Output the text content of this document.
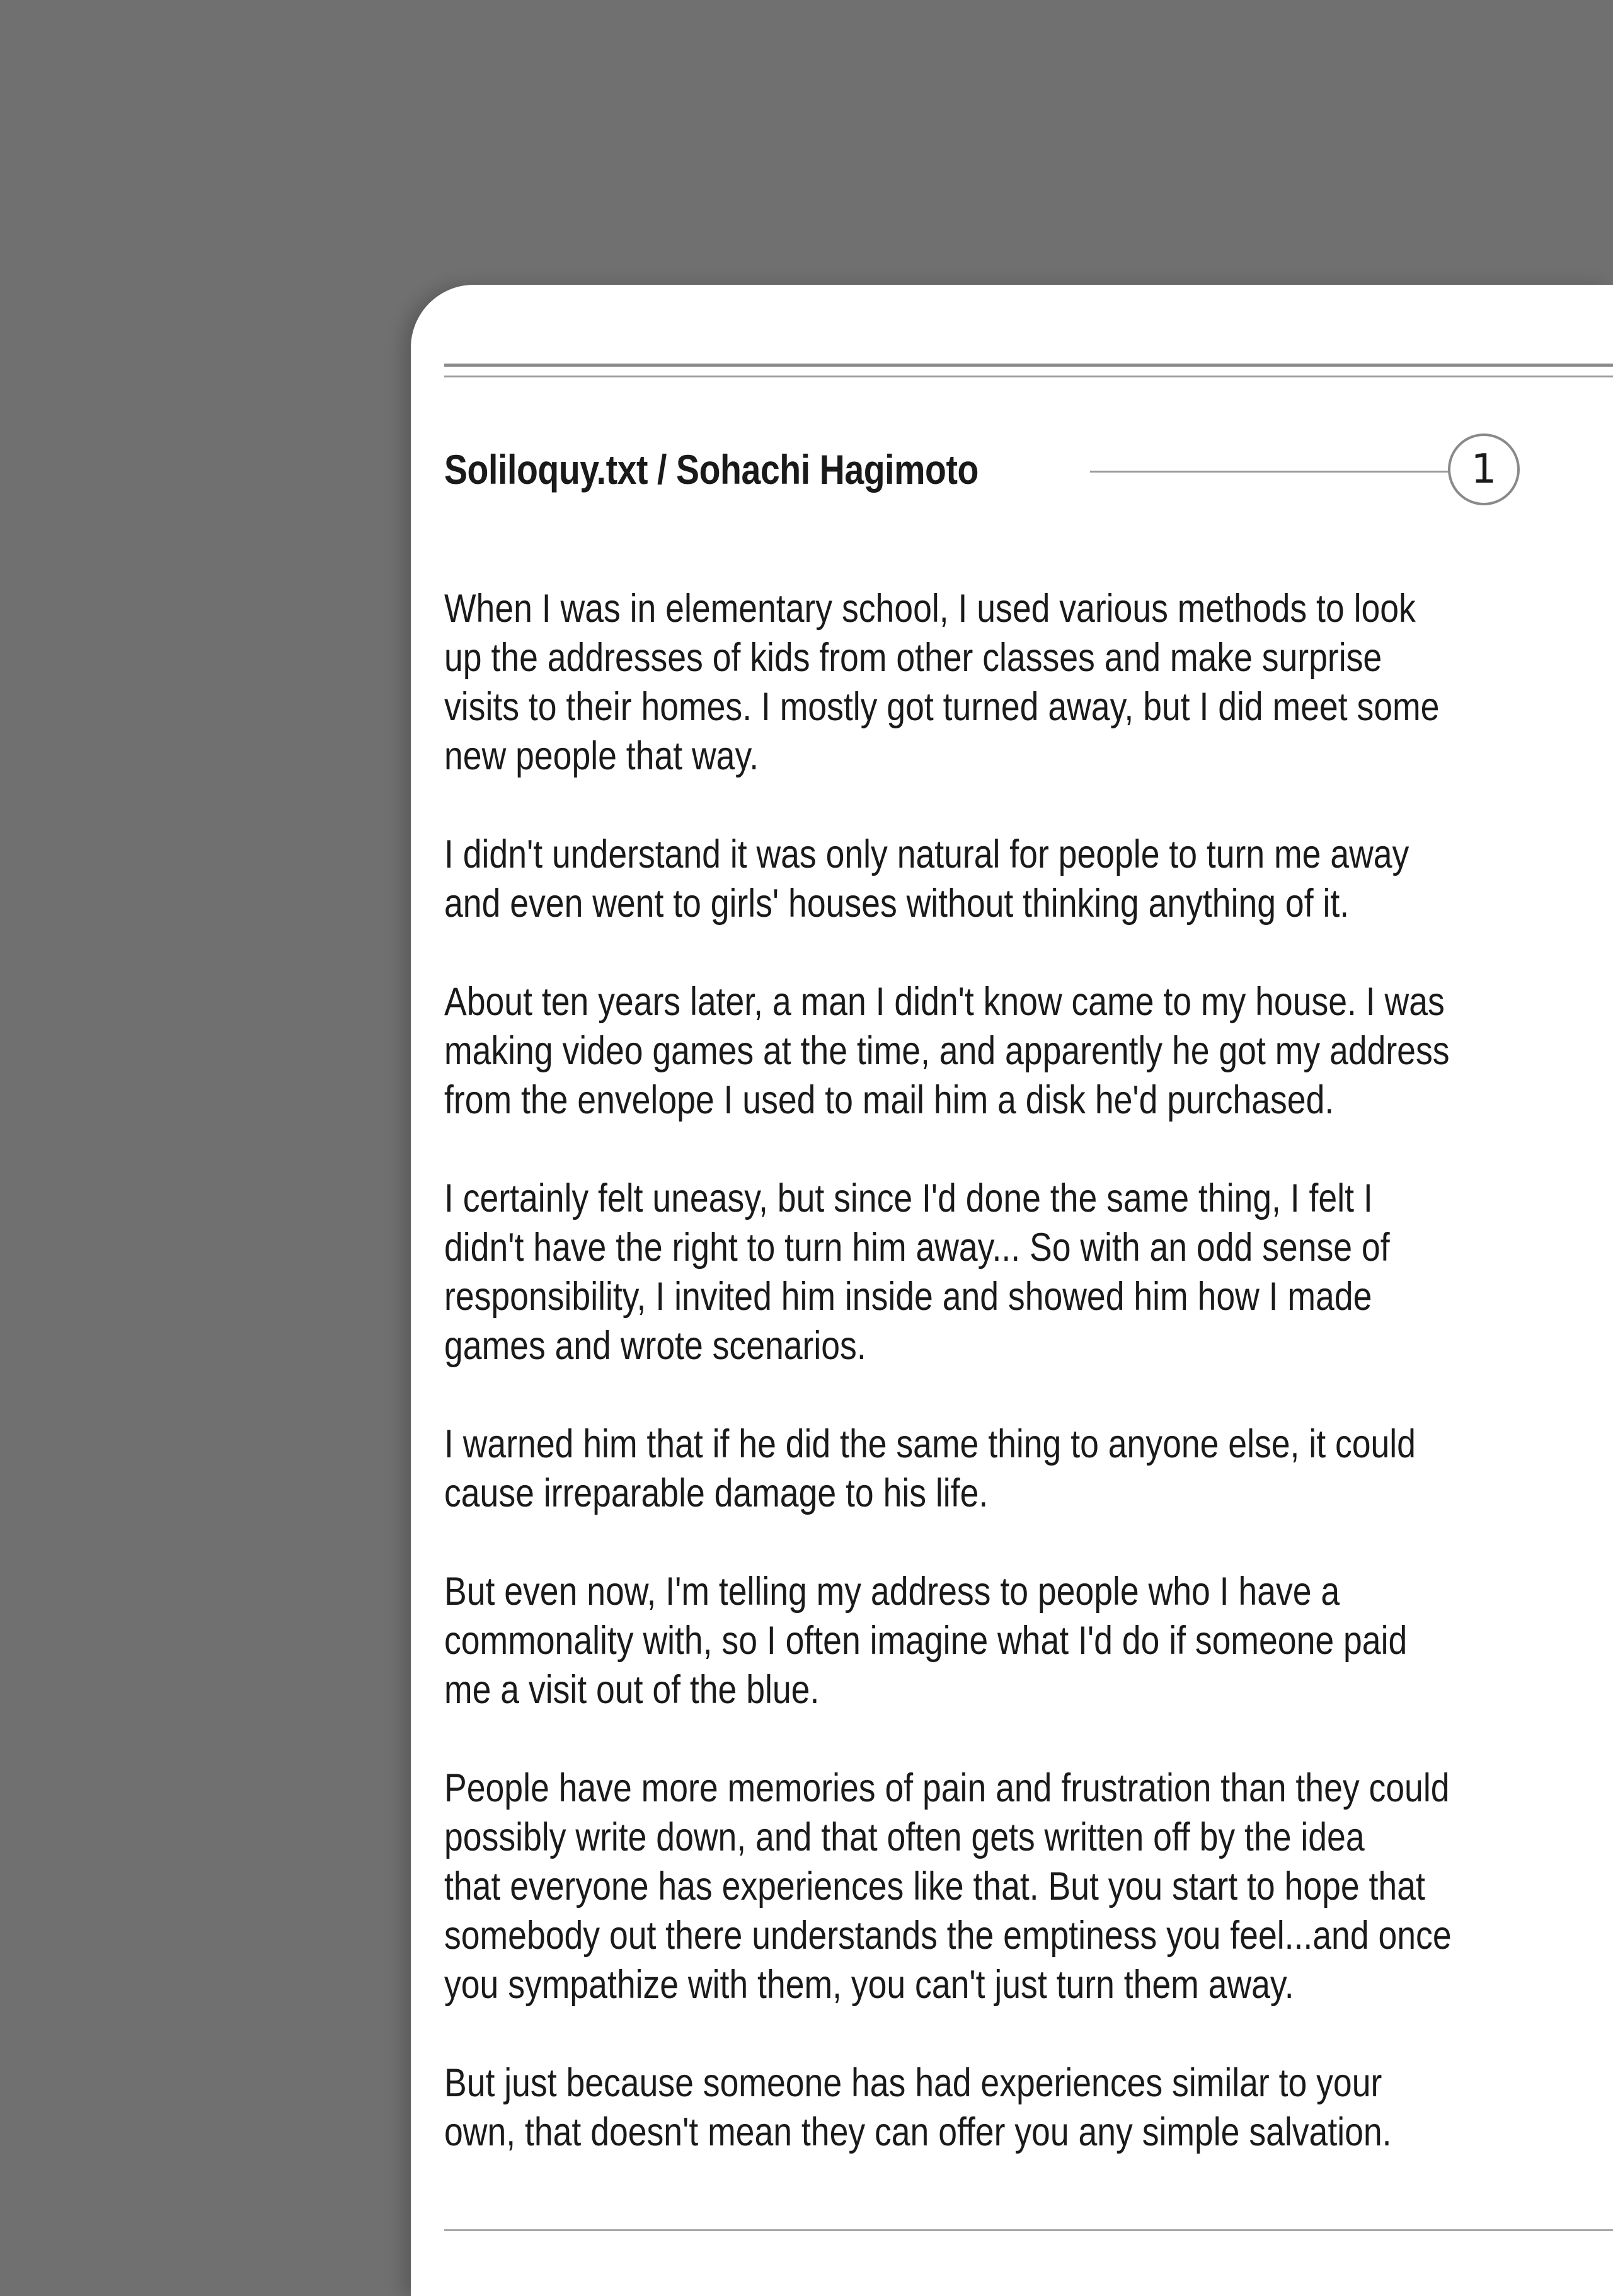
Soliloquy.txt / Sohachi Hagimoto	1

When I was in elementary school, I used various methods to look
up the addresses of kids from other classes and make surprise
visits to their homes. I mostly got turned away, but I did meet some
new people that way.

I didn't understand it was only natural for people to turn me away
and even went to girls' houses without thinking anything of it.

About ten years later, a man I didn't know came to my house. I was
making video games at the time, and apparently he got my address
from the envelope I used to mail him a disk he'd purchased.

I certainly felt uneasy, but since I'd done the same thing, I felt I
didn't have the right to turn him away... So with an odd sense of
responsibility, I invited him inside and showed him how I made
games and wrote scenarios.

I warned him that if he did the same thing to anyone else, it could
cause irreparable damage to his life.

But even now, I'm telling my address to people who I have a
commonality with, so I often imagine what I'd do if someone paid
me a visit out of the blue.

People have more memories of pain and frustration than they could
possibly write down, and that often gets written off by the idea
that everyone has experiences like that. But you start to hope that
somebody out there understands the emptiness you feel...and once
you sympathize with them, you can't just turn them away.

But just because someone has had experiences similar to your
own, that doesn't mean they can offer you any simple salvation.
